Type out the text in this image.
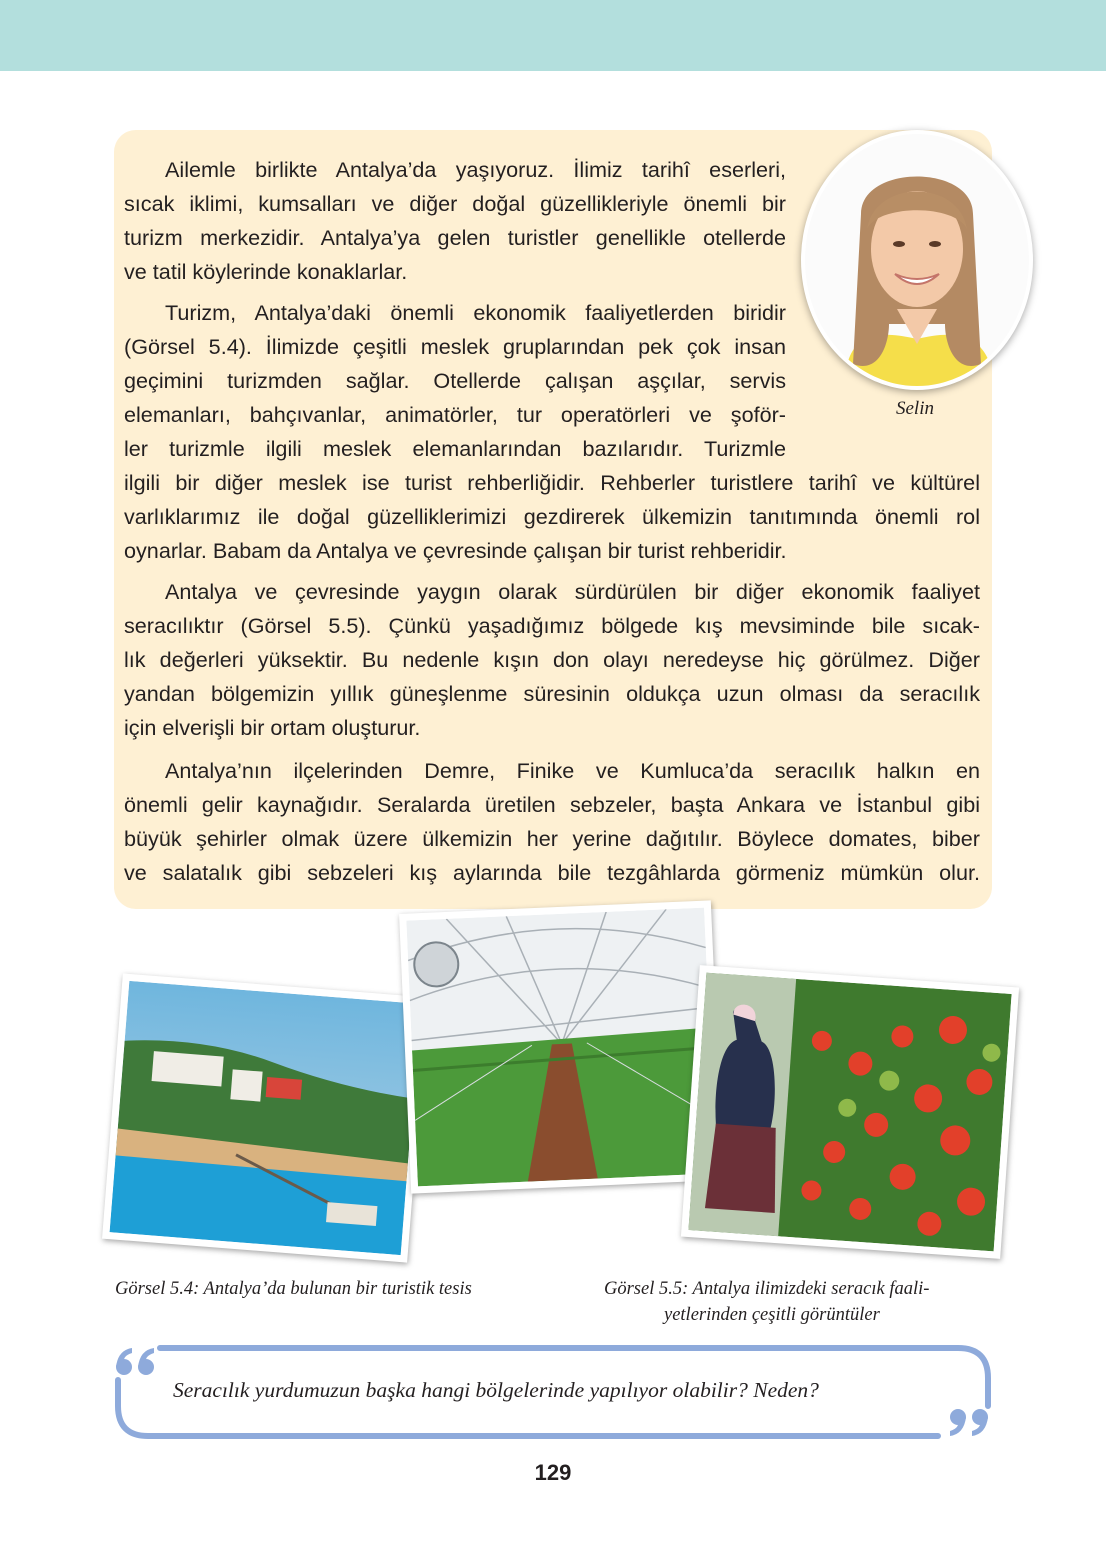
Ailemle birlikte Antalya’da yaşıyoruz. İlimiz tarihî eserleri,
sıcak iklimi, kumsalları ve diğer doğal güzellikleriyle önemli bir
turizm merkezidir. Antalya’ya gelen turistler genellikle otellerde
ve tatil köylerinde konaklarlar.
Turizm, Antalya’daki önemli ekonomik faaliyetlerden biridir
(Görsel 5.4). İlimizde çeşitli meslek gruplarından pek çok insan
geçimini turizmden sağlar. Otellerde çalışan aşçılar, servis
elemanları, bahçıvanlar, animatörler, tur operatörleri ve şoför-
ler turizmle ilgili meslek elemanlarından bazılarıdır. Turizmle
ilgili bir diğer meslek ise turist rehberliğidir. Rehberler turistlere tarihî ve kültürel
varlıklarımız ile doğal güzelliklerimizi gezdirerek ülkemizin tanıtımında önemli rol
oynarlar. Babam da Antalya ve çevresinde çalışan bir turist rehberidir.
Antalya ve çevresinde yaygın olarak sürdürülen bir diğer ekonomik faaliyet
seracılıktır (Görsel 5.5). Çünkü yaşadığımız bölgede kış mevsiminde bile sıcak-
lık değerleri yüksektir. Bu nedenle kışın don olayı neredeyse hiç görülmez. Diğer
yandan bölgemizin yıllık güneşlenme süresinin oldukça uzun olması da seracılık
için elverişli bir ortam oluşturur.
Antalya’nın ilçelerinden Demre, Finike ve Kumluca’da seracılık halkın en
önemli gelir kaynağıdır. Seralarda üretilen sebzeler, başta Ankara ve İstanbul gibi
büyük şehirler olmak üzere ülkemizin her yerine dağıtılır. Böylece domates, biber
ve salatalık gibi sebzeleri kış aylarında bile tezgâhlarda görmeniz mümkün olur.
Selin
Görsel 5.4: Antalya’da bulunan bir turistik tesis	Görsel 5.5: Antalya ilimizdeki seracık faali-
yetlerinden çeşitli görüntüler
Seracılık yurdumuzun başka hangi bölgelerinde yapılıyor olabilir? Neden?
129
